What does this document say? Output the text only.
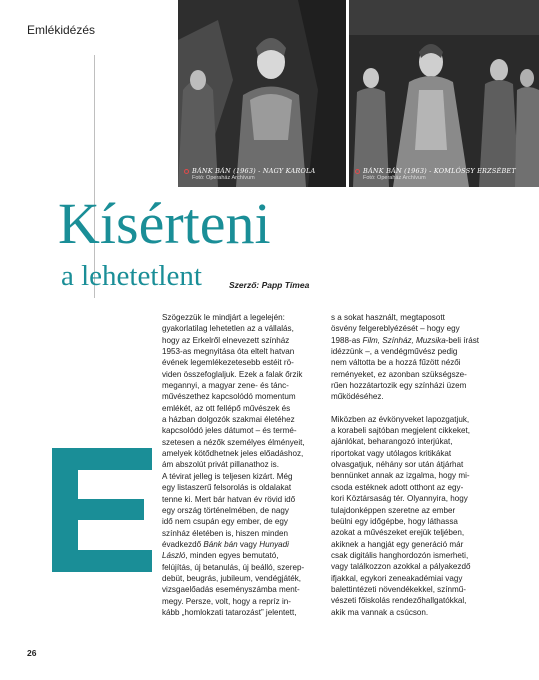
Emlékidézés
BÁNK BÁN (1963) - NAGY KAROLA
Fotó: Operaház Archívum
BÁNK BÁN (1963) - KOMLÓSSY ERZSÉBET
Fotó: Operaház Archívum
Kísérteni
a lehetetlent	Szerző: Papp Tímea

Szögezzük le mindjárt a legelején:
gyakorlatilag lehetetlen az a vállalás,
hogy az Erkelről elnevezett színház
1953-as megnyitása óta eltelt hatvan
évének legemlékezetesebb estéit rö-
viden összefoglaljuk. Ezek a falak őrzik
megannyi, a magyar zene- és tánc-
művészethez kapcsolódó momentum
emlékét, az ott fellépő művészek és
a házban dolgozók szakmai életéhez
kapcsolódó jeles dátumot – és termé-
szetesen a nézők személyes élményeit,
amelyek kötődhetnek jeles előadáshoz,
ám abszolút privát pillanathoz is.

A tévirat jelleg is teljesen kizárt. Még
egy listaszerű felsorolás is oldalakat
tenne ki. Mert bár hatvan év rövid idő
egy ország történelmében, de nagy
idő nem csupán egy ember, de egy
színház életében is, hiszen minden
évadkezdő Bánk bán vagy Hunyadi
László, minden egyes bemutató,
felújítás, új betanulás, új beálló, szerep-
debüt, beugrás, jubileum, vendégjáték,
vizsgaelőadás eseményszámba ment-
megy. Persze, volt, hogy a repríz in-
kább „homlokzati tatarozást” jelentett,

s a sokat használt, megtaposott
ösvény felgereblyézését – hogy egy
1988-as Film, Színház, Muzsika-beli írást
idézzünk –, a vendégművész pedig
nem váltotta be a hozzá fűzött nézői
reményeket, ez azonban szükségsze-
rűen hozzátartozik egy színházi üzem
működéséhez.

Miközben az évkönyveket lapozgatjuk,
a korabeli sajtóban megjelent cikkeket,
ajánlókat, beharangozó interjúkat,
riportokat vagy utólagos kritikákat
olvasgatjuk, néhány sor után átjárhat
bennünket annak az izgalma, hogy mi-
csoda estéknek adott otthont az egy-
kori Köztársaság tér. Olyannyira, hogy
tulajdonképpen szeretne az ember
beülni egy időgépbe, hogy láthassa
azokat a művészeket erejük teljében,
akiknek a hangját egy generáció már
csak digitális hanghordozón ismerheti,
vagy találkozzon azokkal a pályakezdő
ifjakkal, egykori zeneakadémiai vagy
balettintézeti növendékekkel, színmű-
vészeti főiskolás rendezőhallgatókkal,
akik ma vannak a csúcson.

26
